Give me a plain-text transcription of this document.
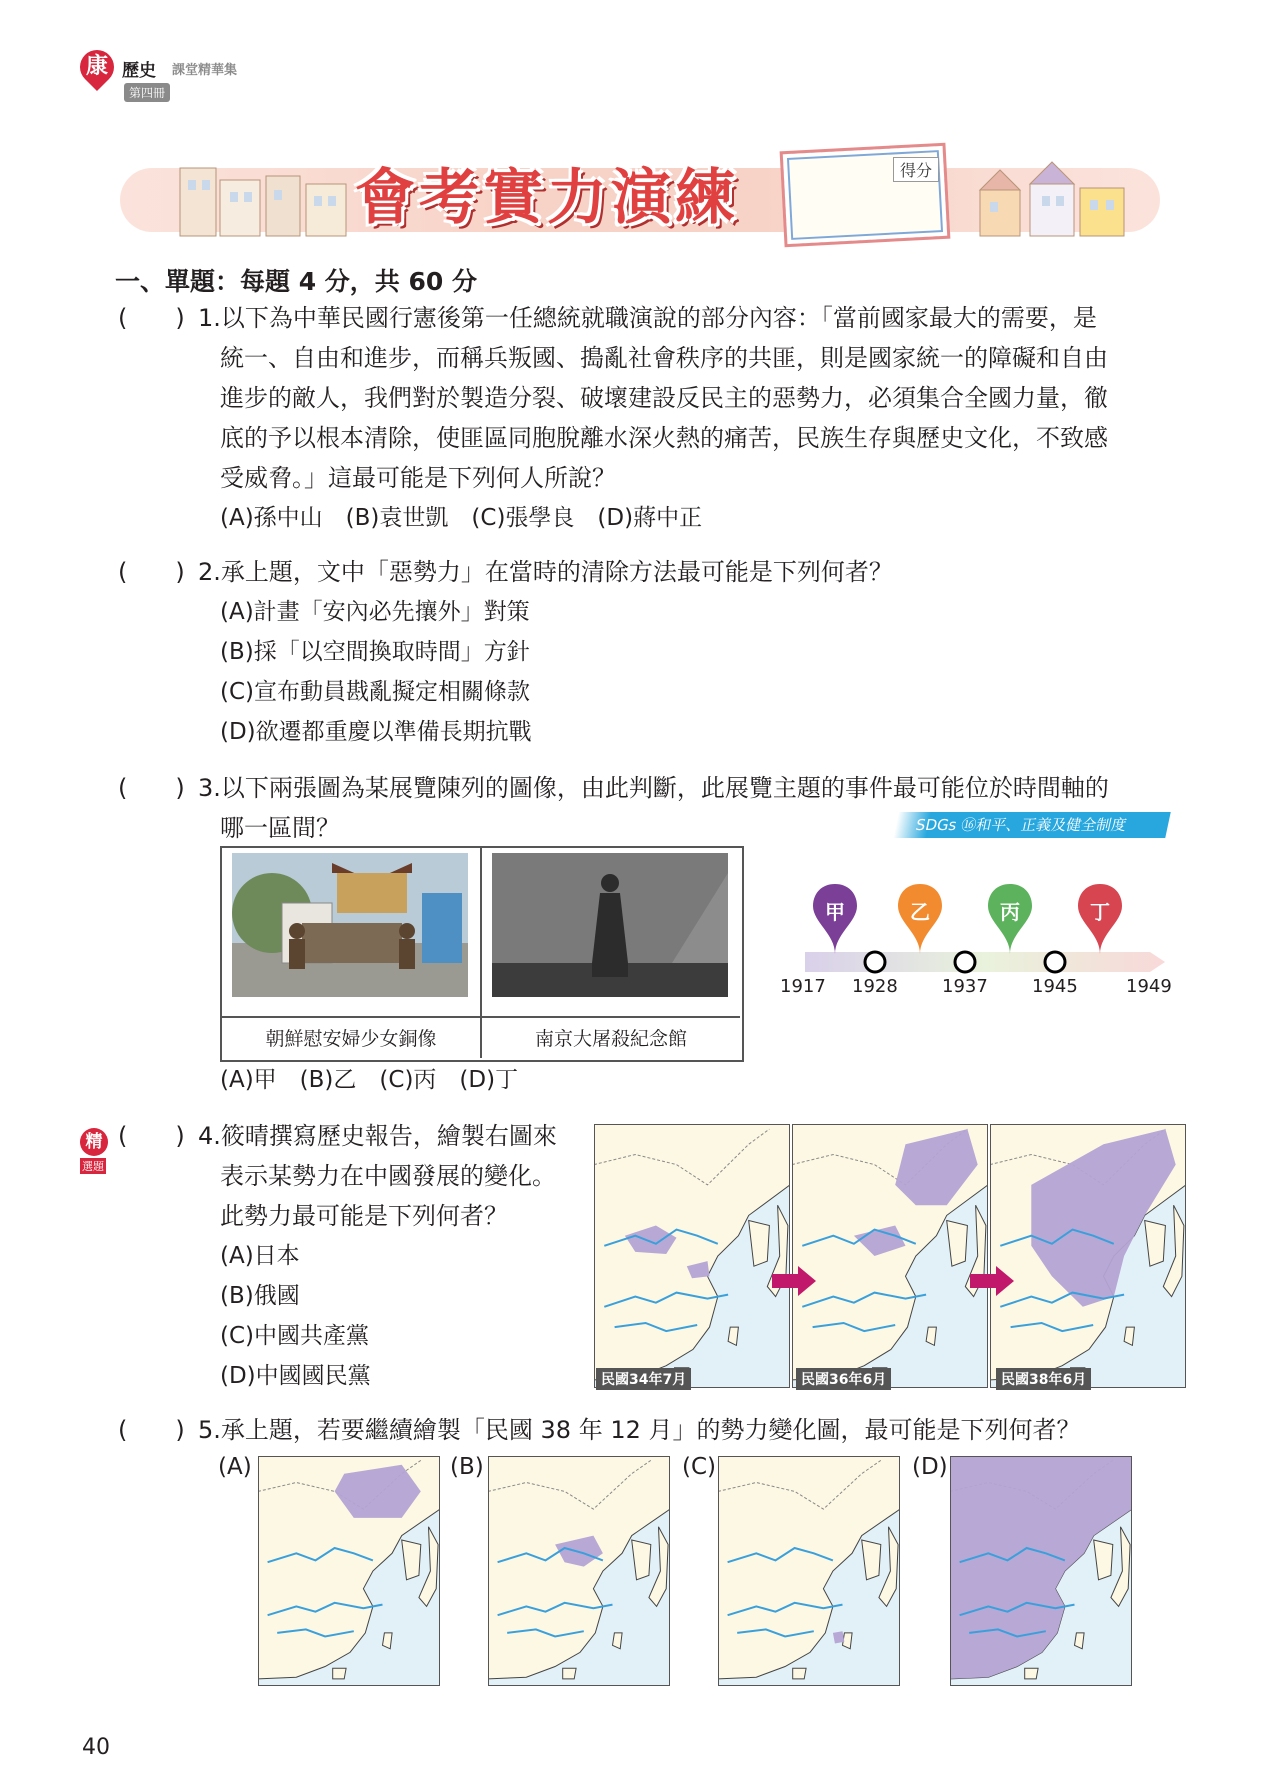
康 歷史 課堂精華集
第四冊
會考實力演練	得分
一、單題：每題 4 分，共 60 分
(　　) 1.以下為中華民國行憲後第一任總統就職演說的部分內容：「當前國家最大的需要，是
統一、自由和進步，而稱兵叛國、搗亂社會秩序的共匪，則是國家統一的障礙和自由
進步的敵人，我們對於製造分裂、破壞建設反民主的惡勢力，必須集合全國力量，徹
底的予以根本清除，使匪區同胞脫離水深火熱的痛苦，民族生存與歷史文化，不致感
受威脅。」這最可能是下列何人所說？
(A)孫中山　(B)袁世凱　(C)張學良　(D)蔣中正
(　　) 2.承上題，文中「惡勢力」在當時的清除方法最可能是下列何者？
(A)計畫「安內必先攘外」對策
(B)採「以空間換取時間」方針
(C)宣布動員戡亂擬定相關條款
(D)欲遷都重慶以準備長期抗戰
(　　) 3.以下兩張圖為某展覽陳列的圖像，由此判斷，此展覽主題的事件最可能位於時間軸的
哪一區間？	SDGs ⑯和平、正義及健全制度
朝鮮慰安婦少女銅像	南京大屠殺紀念館
甲	乙	丙	丁
1917 1928 1937 1945	1949
(A)甲　(B)乙　(C)丙　(D)丁
精
選題
(　　) 4.筱晴撰寫歷史報告，繪製右圖來
表示某勢力在中國發展的變化。
此勢力最可能是下列何者？
(A)日本
(B)俄國
(C)中國共產黨
(D)中國國民黨	民國34年7月	民國36年6月	民國38年6月
(　　) 5.承上題，若要繼續繪製「民國 38 年 12 月」的勢力變化圖，最可能是下列何者？
(A)	(B)	(C)	(D)
40
